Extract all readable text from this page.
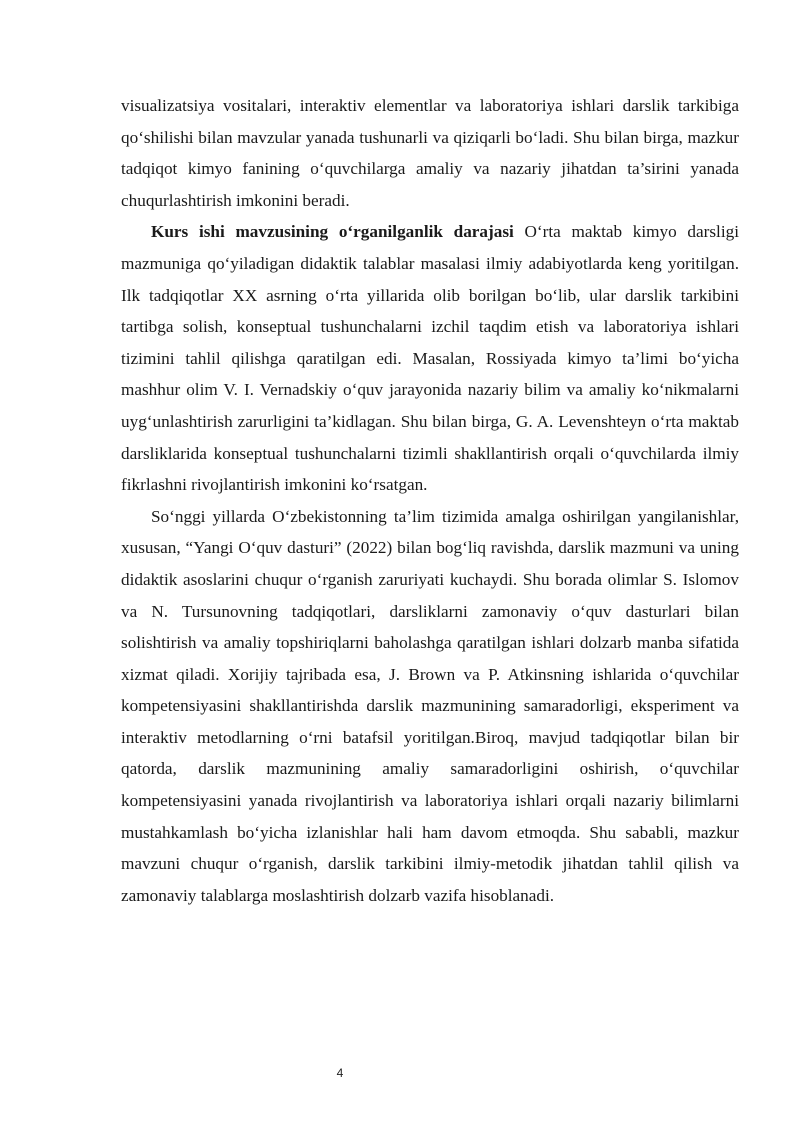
visualizatsiya vositalari, interaktiv elementlar va laboratoriya ishlari darslik tarkibiga qo‘shilishi bilan mavzular yanada tushunarli va qiziqarli bo‘ladi. Shu bilan birga, mazkur tadqiqot kimyo fanining o‘quvchilarga amaliy va nazariy jihatdan ta’sirini yanada chuqurlashtirish imkonini beradi.

Kurs ishi mavzusining o‘rganilganlik darajasi O‘rta maktab kimyo darsligi mazmuniga qo‘yiladigan didaktik talablar masalasi ilmiy adabiyotlarda keng yoritilgan. Ilk tadqiqotlar XX asrning o‘rta yillarida olib borilgan bo‘lib, ular darslik tarkibini tartibga solish, konseptual tushunchalarni izchil taqdim etish va laboratoriya ishlari tizimini tahlil qilishga qaratilgan edi. Masalan, Rossiyada kimyo ta’limi bo‘yicha mashhur olim V. I. Vernadskiy o‘quv jarayonida nazariy bilim va amaliy ko‘nikmalarni uyg‘unlashtirish zarurligini ta’kidlagan. Shu bilan birga, G. A. Levenshteyn o‘rta maktab darsliklarida konseptual tushunchalarni tizimli shakllantirish orqali o‘quvchilarda ilmiy fikrlashni rivojlantirish imkonini ko‘rsatgan.

So‘nggi yillarda O‘zbekistonning ta’lim tizimida amalga oshirilgan yangilanishlar, xususan, “Yangi O‘quv dasturi” (2022) bilan bog‘liq ravishda, darslik mazmuni va uning didaktik asoslarini chuqur o‘rganish zaruriyati kuchaydi. Shu borada olimlar S. Islomov va N. Tursunovning tadqiqotlari, darsliklarni zamonaviy o‘quv dasturlari bilan solishtirish va amaliy topshiriqlarni baholashga qaratilgan ishlari dolzarb manba sifatida xizmat qiladi. Xorijiy tajribada esa, J. Brown va P. Atkinsning ishlarida o‘quvchilar kompetensiyasini shakllantirishda darslik mazmunining samaradorligi, eksperiment va interaktiv metodlarning o‘rni batafsil yoritilgan.Biroq, mavjud tadqiqotlar bilan bir qatorda, darslik mazmunining amaliy samaradorligini oshirish, o‘quvchilar kompetensiyasini yanada rivojlantirish va laboratoriya ishlari orqali nazariy bilimlarni mustahkamlash bo‘yicha izlanishlar hali ham davom etmoqda. Shu sababli, mazkur mavzuni chuqur o‘rganish, darslik tarkibini ilmiy-metodik jihatdan tahlil qilish va zamonaviy talablarga moslashtirish dolzarb vazifa hisoblanadi.

4
